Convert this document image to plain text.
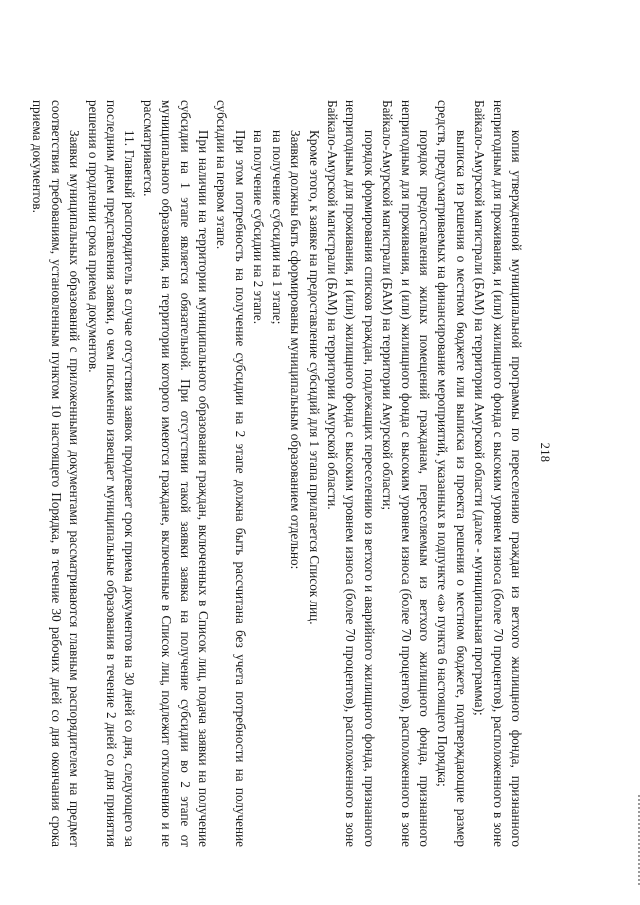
218

копия утвержденной муниципальной программы по переселению граждан из ветхого жилищного фонда, признанного непригодным для проживания, и (или) жилищного фонда с высоким уровнем износа (более 70 процентов), расположенного в зоне Байкало-Амурской магистрали (БАМ) на территории Амурской области (далее - муниципальная программа);

выписка из решения о местном бюджете или выписка из проекта решения о местном бюджете, подтверждающие размер средств, предусматриваемых на финансирование мероприятий, указанных в подпункте «а» пункта 6 настоящего Порядка;

порядок предоставления жилых помещений гражданам, переселяемым из ветхого жилищного фонда, признанного непригодным для проживания, и (или) жилищного фонда с высоким уровнем износа (более 70 процентов), расположенного в зоне Байкало-Амурской магистрали (БАМ) на территории Амурской области;

порядок формирования списков граждан, подлежащих переселению из ветхого и аварийного жилищного фонда, признанного непригодным для проживания, и (или) жилищного фонда с высоким уровнем износа (более 70 процентов), расположенного в зоне Байкало-Амурской магистрали (БАМ) на территории Амурской области.

Кроме этого, к заявке на предоставление субсидий для 1 этапа прилагается Список лиц.

Заявки должны быть сформированы муниципальным образованием отдельно:

на получение субсидии на 1 этапе;

на получение субсидии на 2 этапе.

При этом потребность на получение субсидии на 2 этапе должна быть рассчитана без учета потребности на получение субсидии на первом этапе.

При наличии на территории муниципального образования граждан, включенных в Список лиц, подача заявки на получение субсидии на 1 этапе является обязательной. При отсутствии такой заявки заявка на получение субсидии во 2 этапе от муниципального образования, на территории которого имеются граждане, включенные в Список лиц, подлежит отклонению и не рассматривается.

11. Главный распорядитель в случае отсутствия заявок продлевает срок приема документов на 30 дней со дня, следующего за последним днем представления заявки, о чем письменно извещает муниципальные образования в течение 2 дней со дня принятия решения о продлении срока приема документов.

Заявки муниципальных образований с приложенными документами рассматриваются главным распорядителем на предмет соответствия требованиям, установленным пунктом 10 настоящего Порядка, в течение 30 рабочих дней со дня окончания срока приема документов.
